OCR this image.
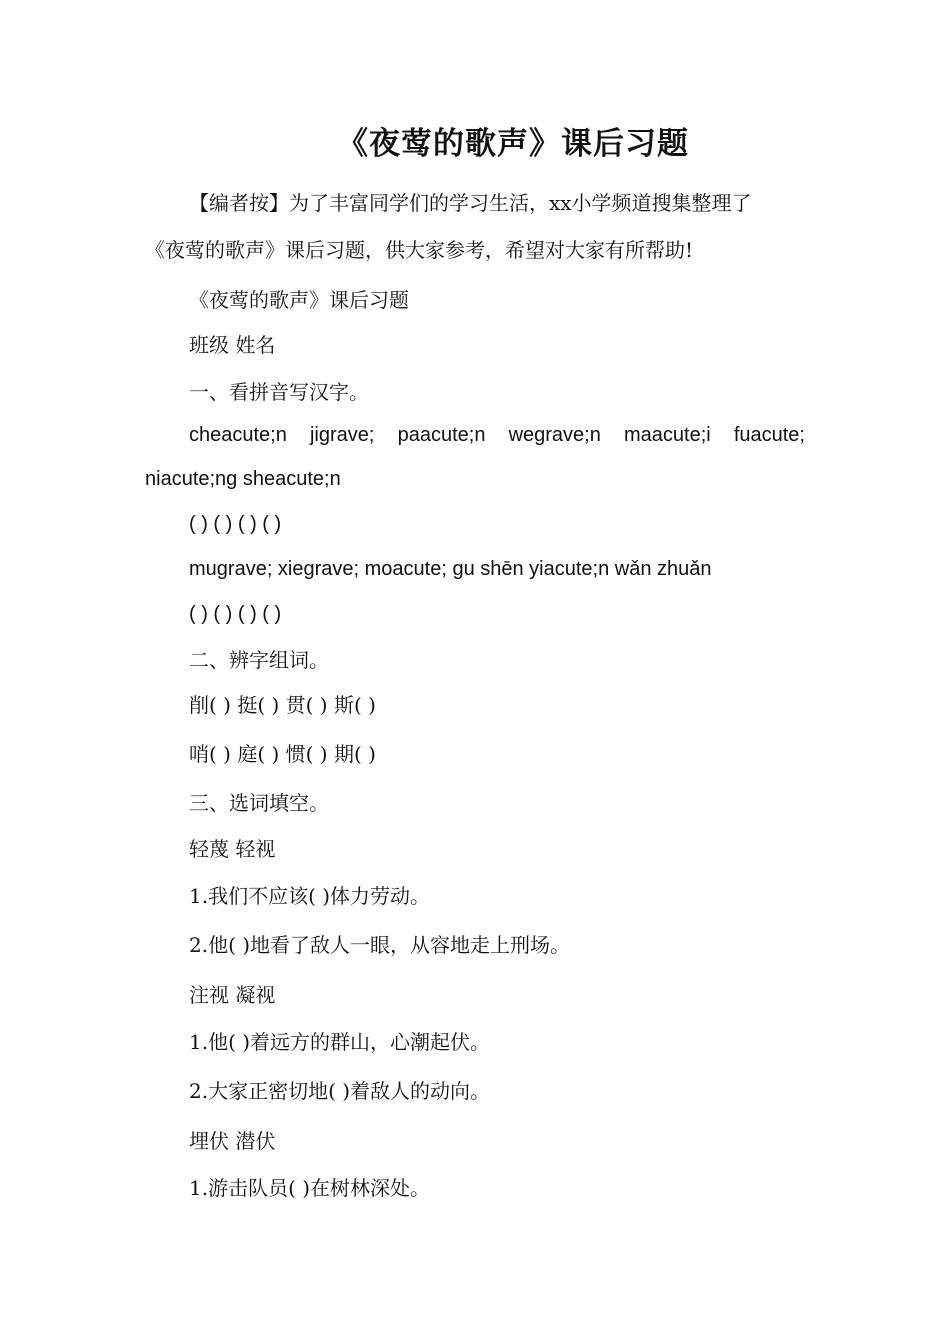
《夜莺的歌声》课后习题
【编者按】为了丰富同学们的学习生活，xx小学频道搜集整理了
《夜莺的歌声》课后习题，供大家参考，希望对大家有所帮助!
《夜莺的歌声》课后习题
班级 姓名
一、看拼音写汉字。
cheacute;n jigrave; paacute;n wegrave;n maacute;i fuacute;
niacute;ng sheacute;n
( ) ( ) ( ) ( )
mugrave; xiegrave; moacute; gu shēn yiacute;n wǎn zhuǎn
( ) ( ) ( ) ( )
二、辨字组词。
削( ) 挺( ) 贯( ) 斯( )
哨( ) 庭( ) 惯( ) 期( )
三、选词填空。
轻蔑 轻视
1.我们不应该( )体力劳动。
2.他( )地看了敌人一眼，从容地走上刑场。
注视 凝视
1.他( )着远方的群山，心潮起伏。
2.大家正密切地( )着敌人的动向。
埋伏 潜伏
1.游击队员( )在树林深处。
